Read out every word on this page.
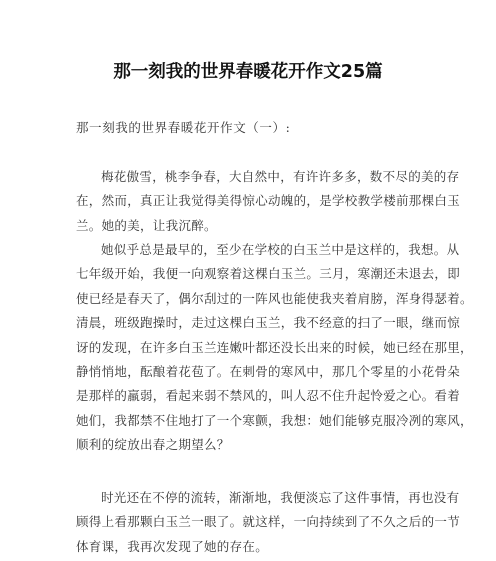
那一刻我的世界春暖花开作文25篇
那一刻我的世界春暖花开作文（一）:
梅花傲雪，桃李争春，大自然中，有许许多多，数不尽的美的存
在，然而，真正让我觉得美得惊心动魄的，是学校教学楼前那棵白玉
兰。她的美，让我沉醉。
她似乎总是最早的，至少在学校的白玉兰中是这样的，我想。从
七年级开始，我便一向观察着这棵白玉兰。三月，寒潮还未退去，即
使已经是春天了，偶尔刮过的一阵风也能使我夹着肩膀，浑身得瑟着。
清晨，班级跑操时，走过这棵白玉兰，我不经意的扫了一眼，继而惊
讶的发现，在许多白玉兰连嫩叶都还没长出来的时候，她已经在那里，
静悄悄地，酝酿着花苞了。在刺骨的寒风中，那几个零星的小花骨朵
是那样的羸弱，看起来弱不禁风的，叫人忍不住升起怜爱之心。看着
她们，我都禁不住地打了一个寒颤，我想：她们能够克服冷冽的寒风，
顺利的绽放出春之期望么？
时光还在不停的流转，渐渐地，我便淡忘了这件事情，再也没有
顾得上看那颗白玉兰一眼了。就这样，一向持续到了不久之后的一节
体育课，我再次发现了她的存在。
